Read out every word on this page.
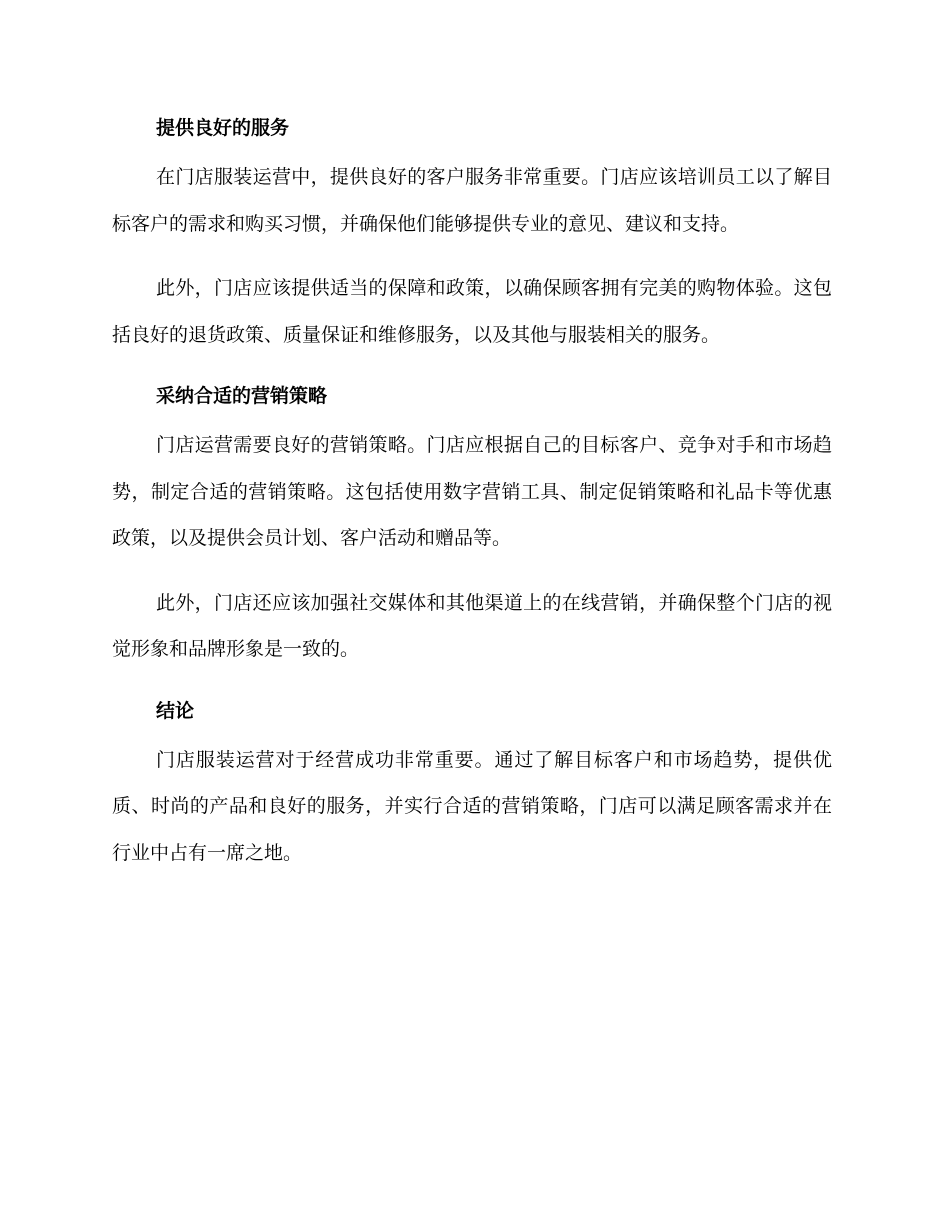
提供良好的服务

在门店服装运营中，提供良好的客户服务非常重要。门店应该培训员工以了解目标客户的需求和购买习惯，并确保他们能够提供专业的意见、建议和支持。

此外，门店应该提供适当的保障和政策，以确保顾客拥有完美的购物体验。这包括良好的退货政策、质量保证和维修服务，以及其他与服装相关的服务。

采纳合适的营销策略

门店运营需要良好的营销策略。门店应根据自己的目标客户、竞争对手和市场趋势，制定合适的营销策略。这包括使用数字营销工具、制定促销策略和礼品卡等优惠政策，以及提供会员计划、客户活动和赠品等。

此外，门店还应该加强社交媒体和其他渠道上的在线营销，并确保整个门店的视觉形象和品牌形象是一致的。

结论

门店服装运营对于经营成功非常重要。通过了解目标客户和市场趋势，提供优质、时尚的产品和良好的服务，并实行合适的营销策略，门店可以满足顾客需求并在行业中占有一席之地。
